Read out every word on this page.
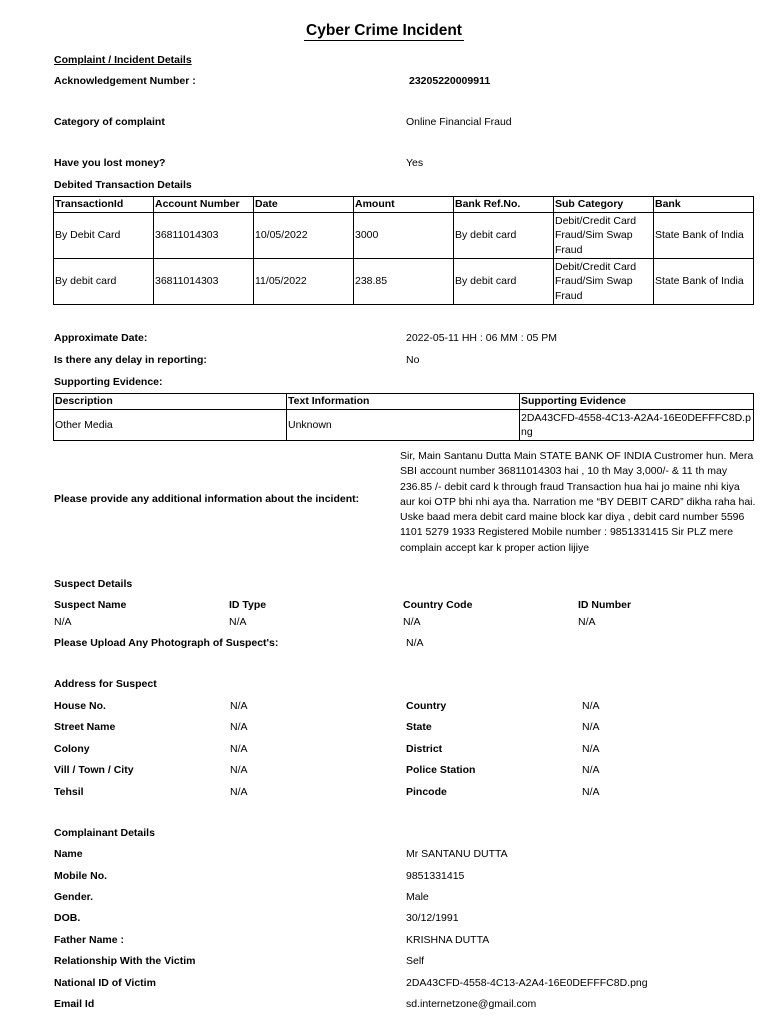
Cyber Crime Incident
Complaint / Incident Details
Acknowledgement Number :	23205220009911
Category of complaint	Online Financial Fraud
Have you lost money?	Yes
Debited Transaction Details
TransactionId	Account Number	Date	Amount	Bank Ref.No.	Sub Category	Bank
By Debit Card	36811014303	10/05/2022	3000	By debit card	Debit/Credit Card Fraud/Sim Swap Fraud	State Bank of India
By debit card	36811014303	11/05/2022	238.85	By debit card	Debit/Credit Card Fraud/Sim Swap Fraud	State Bank of India
Approximate Date:	2022-05-11 HH : 06 MM : 05 PM
Is there any delay in reporting:	No
Supporting Evidence:
Description	Text Information	Supporting Evidence
Other Media	Unknown	2DA43CFD-4558-4C13-A2A4-16E0DEFFFC8D.png
Please provide any additional information about the incident:
Sir, Main Santanu Dutta Main STATE BANK OF INDIA Custromer hun. Mera SBI account number 36811014303 hai , 10 th May 3,000/- & 11 th may 236.85 /- debit card k through fraud Transaction hua hai jo maine nhi kiya aur koi OTP bhi nhi aya tha. Narration me “BY DEBIT CARD” dikha raha hai. Uske baad mera debit card maine block kar diya , debit card number 5596 1101 5279 1933 Registered Mobile number : 9851331415 Sir PLZ mere complain accept kar k proper action lijiye
Suspect Details
Suspect Name	ID Type	Country Code	ID Number
N/A	N/A	N/A	N/A
Please Upload Any Photograph of Suspect's:	N/A
Address for Suspect
House No.	N/A	Country	N/A
Street Name	N/A	State	N/A
Colony	N/A	District	N/A
Vill / Town / City	N/A	Police Station	N/A
Tehsil	N/A	Pincode	N/A
Complainant Details
Name	Mr SANTANU DUTTA
Mobile No.	9851331415
Gender.	Male
DOB.	30/12/1991
Father Name :	KRISHNA DUTTA
Relationship With the Victim	Self
National ID of Victim	2DA43CFD-4558-4C13-A2A4-16E0DEFFFC8D.png
Email Id	sd.internetzone@gmail.com
